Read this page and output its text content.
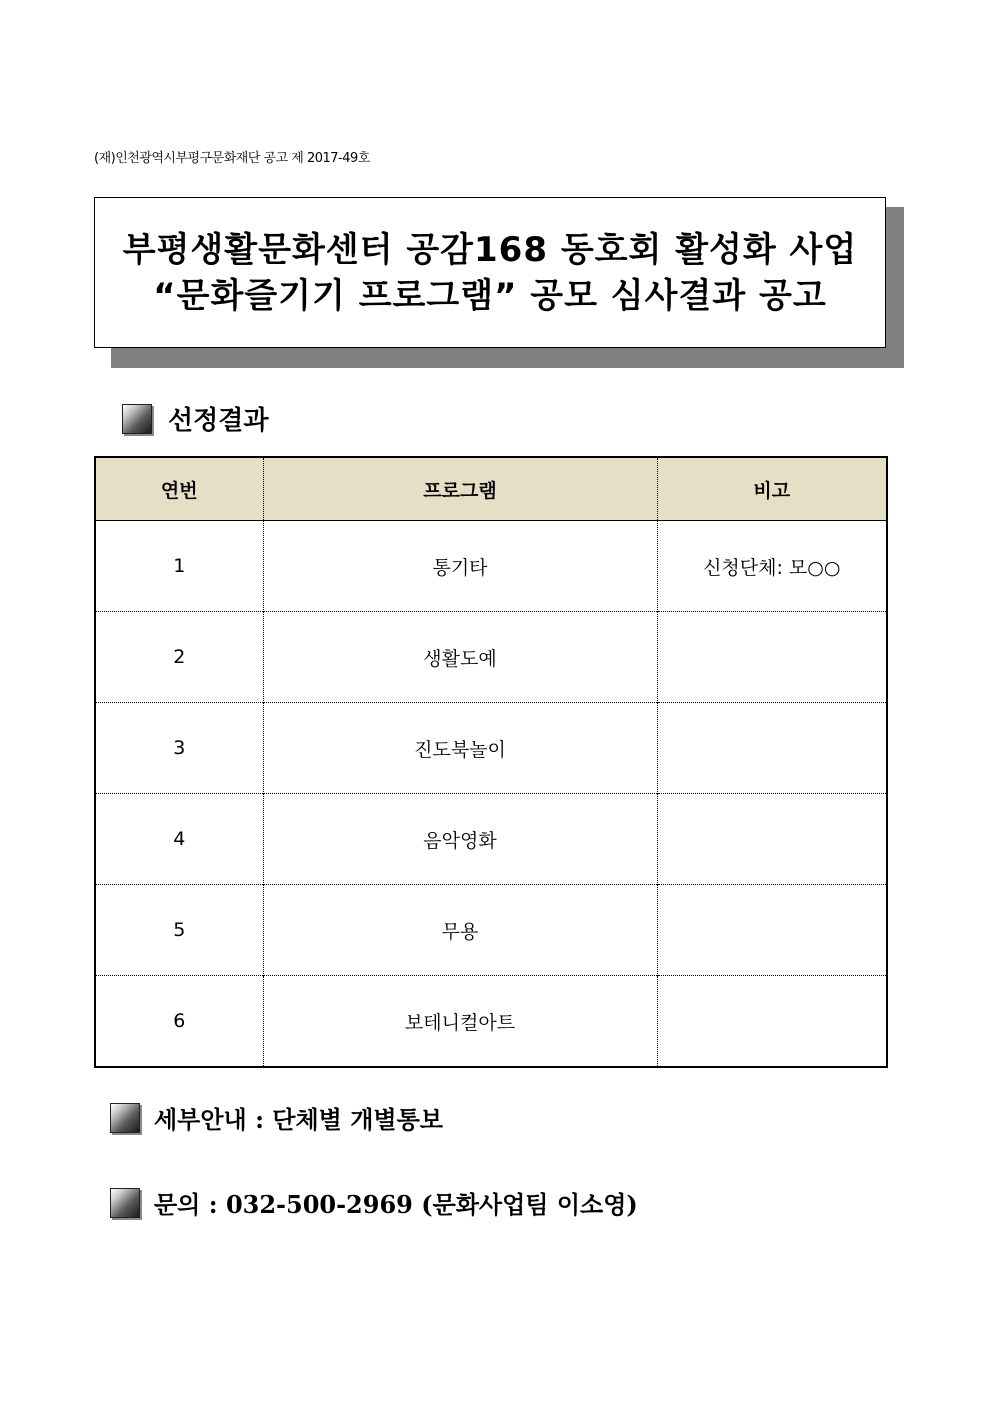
(재)인천광역시부평구문화재단 공고 제 2017-49호
부평생활문화센터 공감168 동호회 활성화 사업
“문화즐기기 프로그램” 공모 심사결과 공고
선정결과
연번	프로그램	비고
1	통기타	신청단체: 모○○
2	생활도예	
3	진도북놀이	
4	음악영화	
5	무용	
6	보테니컬아트	
세부안내 : 단체별 개별통보
문의 : 032-500-2969 (문화사업팀 이소영)
